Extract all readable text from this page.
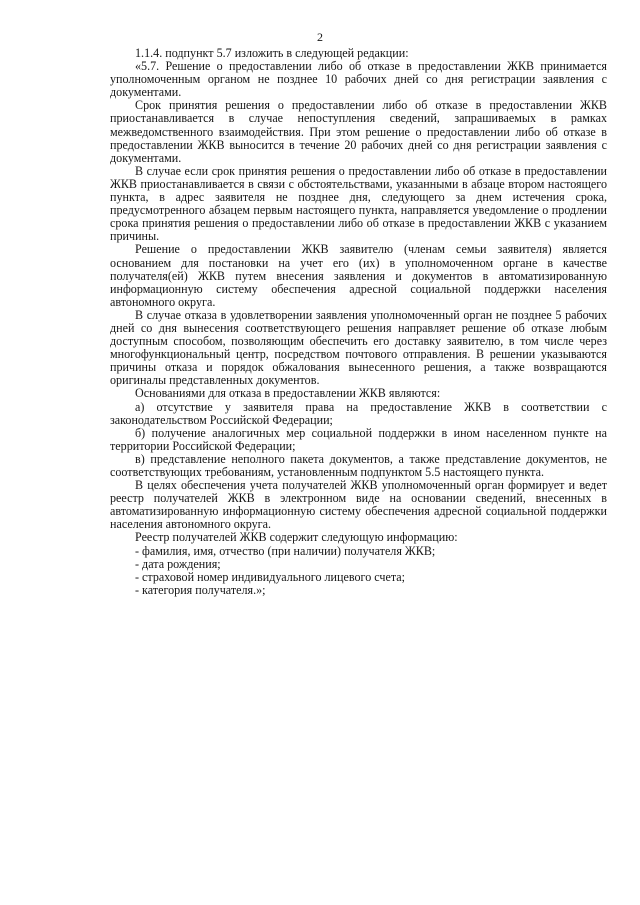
2

1.1.4. подпункт 5.7 изложить в следующей редакции:

«5.7. Решение о предоставлении либо об отказе в предоставлении ЖКВ принимается уполномоченным органом не позднее 10 рабочих дней со дня регистрации заявления с документами.

Срок принятия решения о предоставлении либо об отказе в предоставлении ЖКВ приостанавливается в случае непоступления сведений, запрашиваемых в рамках межведомственного взаимодействия. При этом решение о предоставлении либо об отказе в предоставлении ЖКВ выносится в течение 20 рабочих дней со дня регистрации заявления с документами.

В случае если срок принятия решения о предоставлении либо об отказе в предоставлении ЖКВ приостанавливается в связи с обстоятельствами, указанными в абзаце втором настоящего пункта, в адрес заявителя не позднее дня, следующего за днем истечения срока, предусмотренного абзацем первым настоящего пункта, направляется уведомление о продлении срока принятия решения о предоставлении либо об отказе в предоставлении ЖКВ с указанием причины.

Решение о предоставлении ЖКВ заявителю (членам семьи заявителя) является основанием для постановки на учет его (их) в уполномоченном органе в качестве получателя(ей) ЖКВ путем внесения заявления и документов в автоматизированную информационную систему обеспечения адресной социальной поддержки населения автономного округа.

В случае отказа в удовлетворении заявления уполномоченный орган не позднее 5 рабочих дней со дня вынесения соответствующего решения направляет решение об отказе любым доступным способом, позволяющим обеспечить его доставку заявителю, в том числе через многофункциональный центр, посредством почтового отправления. В решении указываются причины отказа и порядок обжалования вынесенного решения, а также возвращаются оригиналы представленных документов.

Основаниями для отказа в предоставлении ЖКВ являются:

а) отсутствие у заявителя права на предоставление ЖКВ в соответствии с законодательством Российской Федерации;

б) получение аналогичных мер социальной поддержки в ином населенном пункте на территории Российской Федерации;

в) представление неполного пакета документов, а также представление документов, не соответствующих требованиям, установленным подпунктом 5.5 настоящего пункта.

В целях обеспечения учета получателей ЖКВ уполномоченный орган формирует и ведет реестр получателей ЖКВ в электронном виде на основании сведений, внесенных в автоматизированную информационную систему обеспечения адресной социальной поддержки населения автономного округа.

Реестр получателей ЖКВ содержит следующую информацию:

- фамилия, имя, отчество (при наличии) получателя ЖКВ;

- дата рождения;

- страховой номер индивидуального лицевого счета;

- категория получателя.»;
